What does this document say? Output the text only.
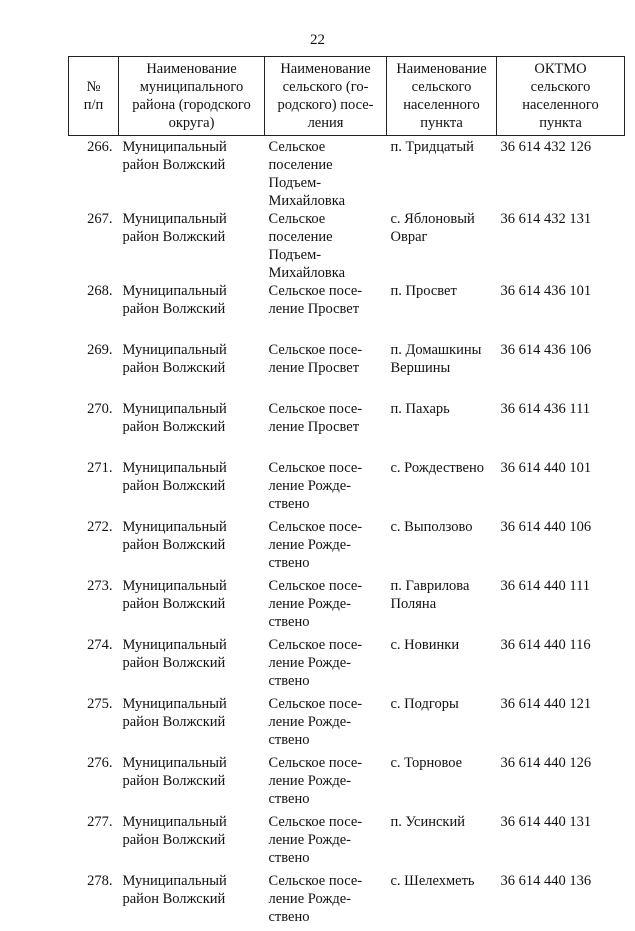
22
№
п/п	Наименование
муниципального
района (городского
округа)	Наименование
сельского (го-
родского) посе-
ления	Наименование
сельского
населенного
пункта	ОКТМО
сельского
населенного
пункта
266.	Муниципальный
район Волжский	Сельское поселение Подъем-
Михайловка	п. Тридцатый	36 614 432 126
267.	Муниципальный
район Волжский	Сельское поселение Подъем-
Михайловка	с. Яблоновый
Овраг	36 614 432 131
268.	Муниципальный
район Волжский	Сельское посе-
ление Просвет	п. Просвет	36 614 436 101
269.	Муниципальный
район Волжский	Сельское посе-
ление Просвет	п. Домашкины
Вершины	36 614 436 106
270.	Муниципальный
район Волжский	Сельское посе-
ление Просвет	п. Пахарь	36 614 436 111
271.	Муниципальный
район Волжский	Сельское посе-
ление Рожде-
ствено	с. Рождествено	36 614 440 101
272.	Муниципальный
район Волжский	Сельское посе-
ление Рожде-
ствено	с. Выползово	36 614 440 106
273.	Муниципальный
район Волжский	Сельское посе-
ление Рожде-
ствено	п. Гаврилова
Поляна	36 614 440 111
274.	Муниципальный
район Волжский	Сельское посе-
ление Рожде-
ствено	с. Новинки	36 614 440 116
275.	Муниципальный
район Волжский	Сельское посе-
ление Рожде-
ствено	с. Подгоры	36 614 440 121
276.	Муниципальный
район Волжский	Сельское посе-
ление Рожде-
ствено	с. Торновое	36 614 440 126
277.	Муниципальный
район Волжский	Сельское посе-
ление Рожде-
ствено	п. Усинский	36 614 440 131
278.	Муниципальный
район Волжский	Сельское посе-
ление Рожде-
ствено	с. Шелехметь	36 614 440 136
